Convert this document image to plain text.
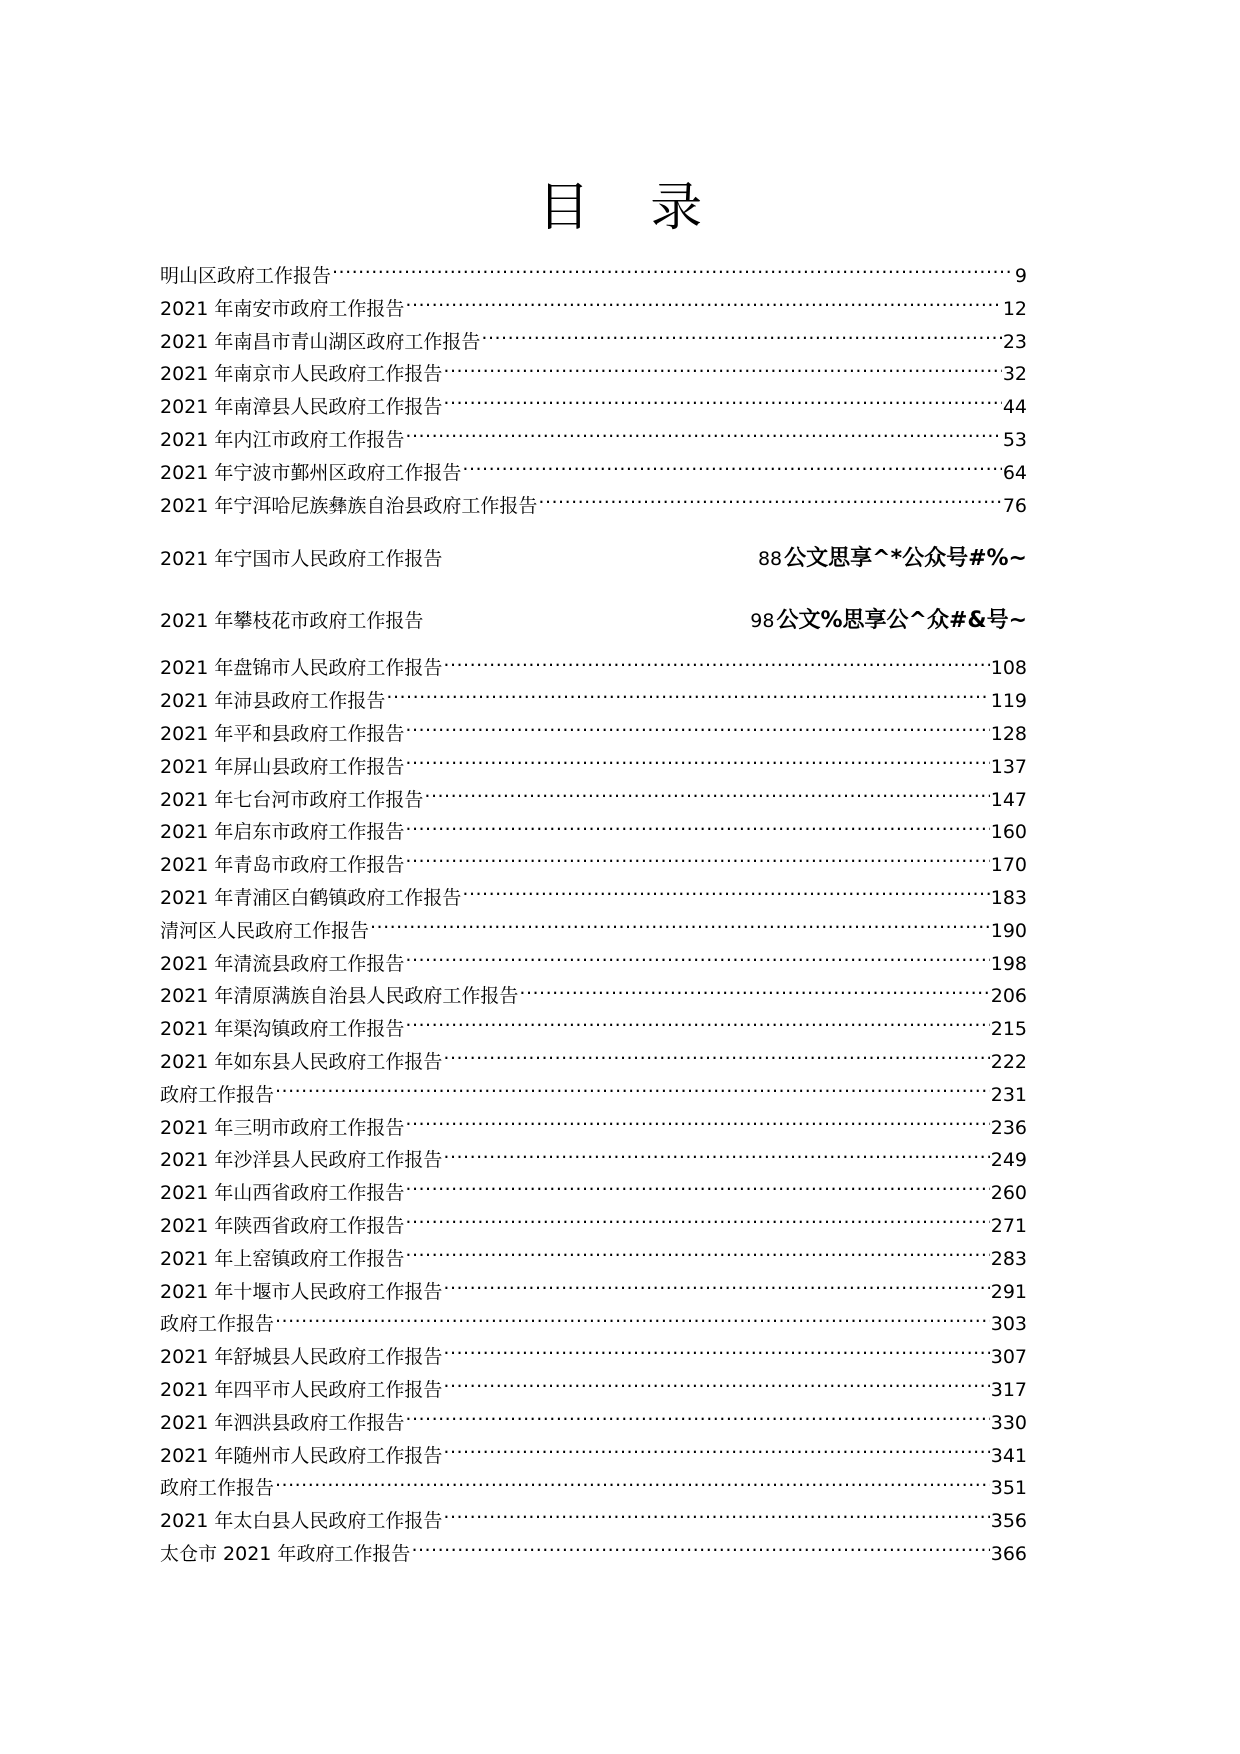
目 录
明山区政府工作报告 .....	9
2021 年南安市政府工作报告 .....	12
2021 年南昌市青山湖区政府工作报告 .....	23
2021 年南京市人民政府工作报告 .....	32
2021 年南漳县人民政府工作报告 .....	44
2021 年内江市政府工作报告 .....	53
2021 年宁波市鄞州区政府工作报告 .....	64
2021 年宁洱哈尼族彝族自治县政府工作报告 .....	76
2021 年宁国市人民政府工作报告 .....	88 公文思享^*公众号#%~
2021 年攀枝花市政府工作报告 .....	98 公文%思享公^众#&号~
2021 年盘锦市人民政府工作报告 .....	108
2021 年沛县政府工作报告 .....	119
2021 年平和县政府工作报告 .....	128
2021 年屏山县政府工作报告 .....	137
2021 年七台河市政府工作报告 .....	147
2021 年启东市政府工作报告 .....	160
2021 年青岛市政府工作报告 .....	170
2021 年青浦区白鹤镇政府工作报告 .....	183
清河区人民政府工作报告 .....	190
2021 年清流县政府工作报告 .....	198
2021 年清原满族自治县人民政府工作报告 .....	206
2021 年渠沟镇政府工作报告 .....	215
2021 年如东县人民政府工作报告 .....	222
政府工作报告 .....	231
2021 年三明市政府工作报告 .....	236
2021 年沙洋县人民政府工作报告 .....	249
2021 年山西省政府工作报告 .....	260
2021 年陕西省政府工作报告 .....	271
2021 年上窑镇政府工作报告 .....	283
2021 年十堰市人民政府工作报告 .....	291
政府工作报告 .....	303
2021 年舒城县人民政府工作报告 .....	307
2021 年四平市人民政府工作报告 .....	317
2021 年泗洪县政府工作报告 .....	330
2021 年随州市人民政府工作报告 .....	341
政府工作报告 .....	351
2021 年太白县人民政府工作报告 .....	356
太仓市 2021 年政府工作报告 .....	366
